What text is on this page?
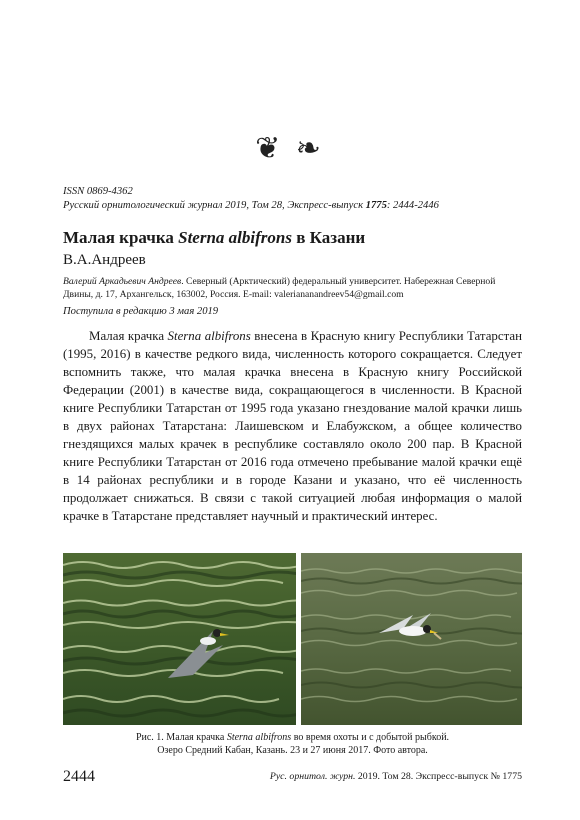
❦ ❧
ISSN 0869-4362
Русский орнитологический журнал 2019, Том 28, Экспресс-выпуск 1775: 2444-2446
Малая крачка Sterna albifrons в Казани
В.А.Андреев
Валерий Аркадьевич Андреев. Северный (Арктический) федеральный университет. Набережная Северной Двины, д. 17, Архангельск, 163002, Россия. E-mail: valeriananandreev54@gmail.com
Поступила в редакцию 3 мая 2019
Малая крачка Sterna albifrons внесена в Красную книгу Республики Татарстан (1995, 2016) в качестве редкого вида, численность которого сокращается. Следует вспомнить также, что малая крачка внесена в Красную книгу Российской Федерации (2001) в качестве вида, сокращающегося в численности. В Красной книге Республики Татарстан от 1995 года указано гнездование малой крачки лишь в двух районах Татарстана: Лаишевском и Елабужском, а общее количество гнездящихся малых крачек в республике составляло около 200 пар. В Красной книге Республики Татарстан от 2016 года отмечено пребывание малой крачки ещё в 14 районах республики и в городе Казани и указано, что её численность продолжает снижаться. В связи с такой ситуацией любая информация о малой крачке в Татарстане представляет научный и практический интерес.
Рис. 1. Малая крачка Sterna albifrons во время охоты и с добытой рыбкой.
Озеро Средний Кабан, Казань. 23 и 27 июня 2017. Фото автора.
2444	Рус. орнитол. журн. 2019. Том 28. Экспресс-выпуск № 1775
